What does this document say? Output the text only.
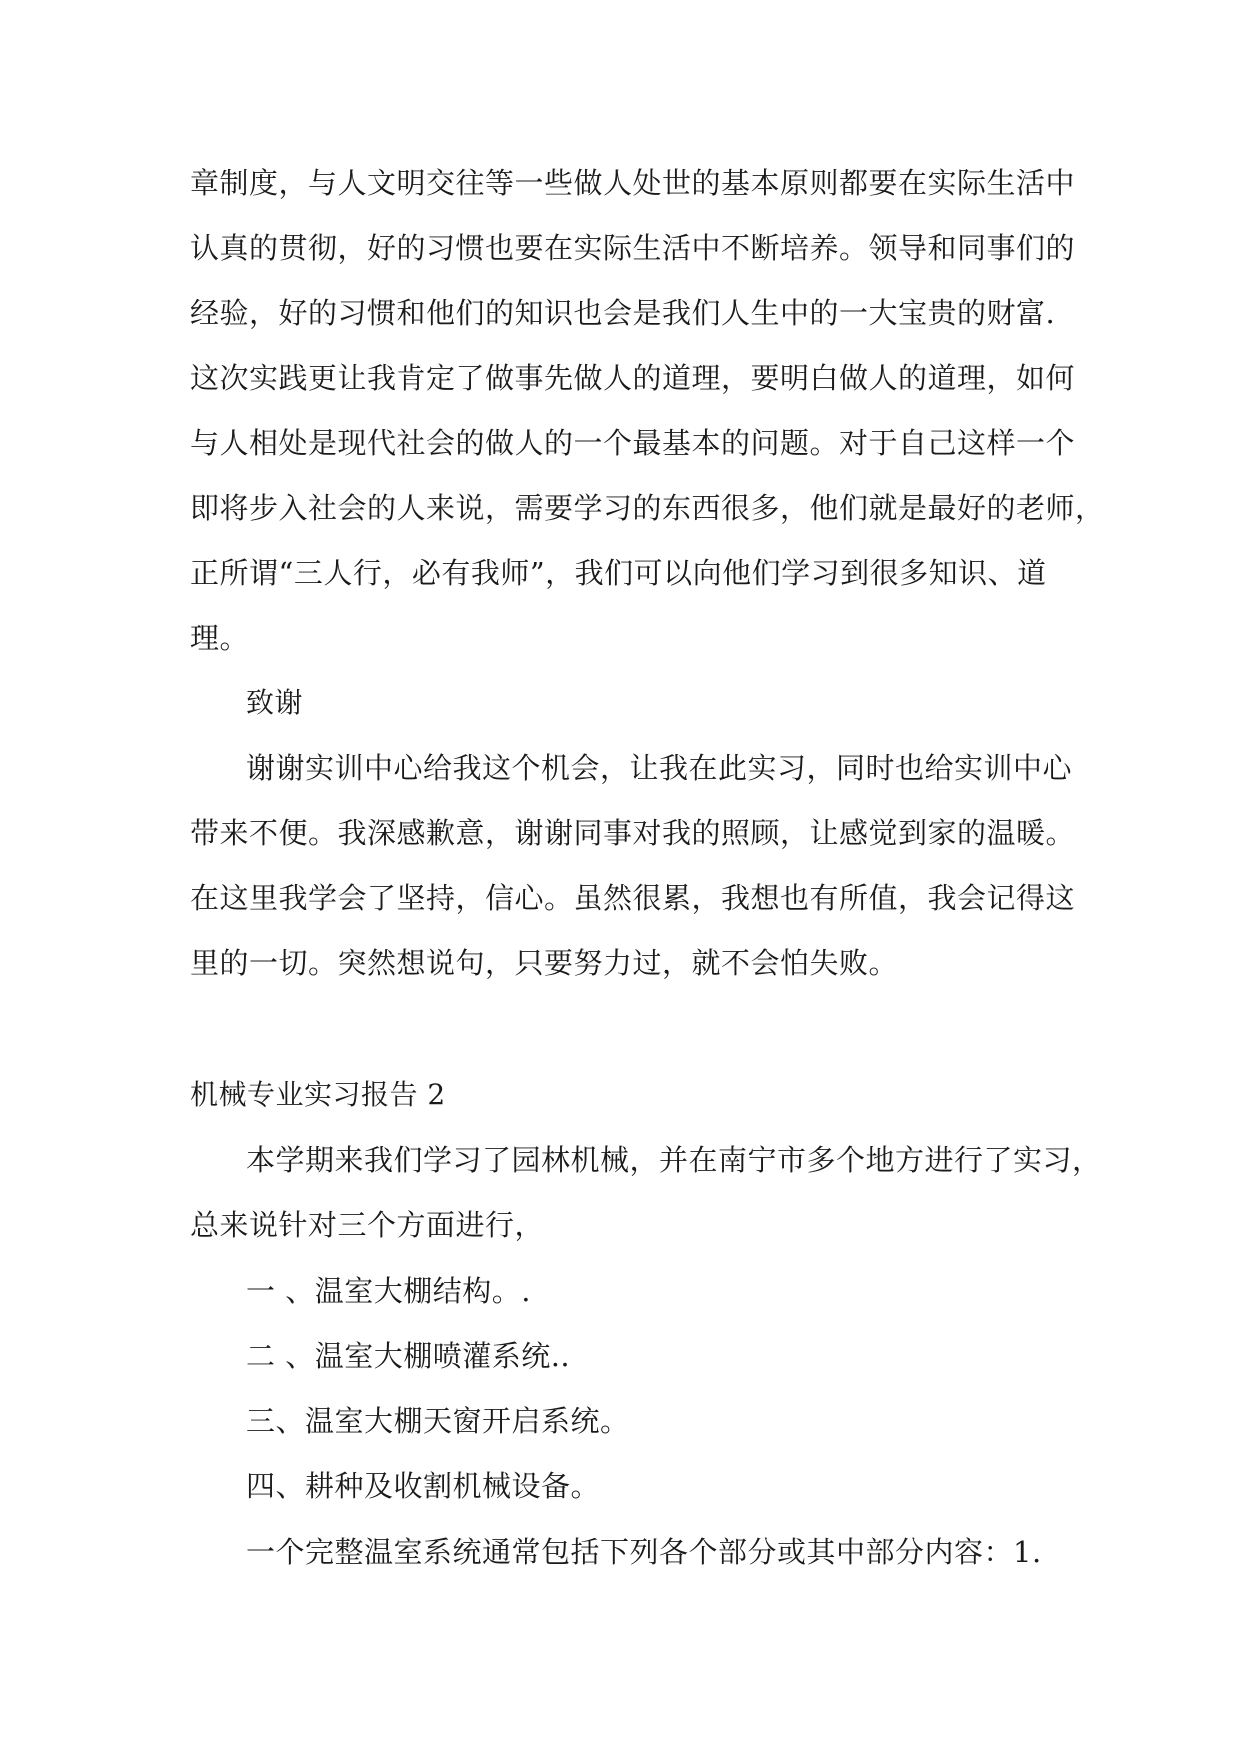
章制度，与人文明交往等一些做人处世的基本原则都要在实际生活中

认真的贯彻，好的习惯也要在实际生活中不断培养。领导和同事们的

经验，好的习惯和他们的知识也会是我们人生中的一大宝贵的财富.

这次实践更让我肯定了做事先做人的道理，要明白做人的道理，如何

与人相处是现代社会的做人的一个最基本的问题。对于自己这样一个

即将步入社会的人来说，需要学习的东西很多，他们就是最好的老师，

正所谓“三人行，必有我师”，我们可以向他们学习到很多知识、道

理。

致谢

谢谢实训中心给我这个机会，让我在此实习，同时也给实训中心

带来不便。我深感歉意，谢谢同事对我的照顾，让感觉到家的温暖。

在这里我学会了坚持，信心。虽然很累，我想也有所值，我会记得这

里的一切。突然想说句，只要努力过，就不会怕失败。

机械专业实习报告 2

本学期来我们学习了园林机械，并在南宁市多个地方进行了实习，

总来说针对三个方面进行，

一 、温室大棚结构。.

二 、温室大棚喷灌系统..

三、温室大棚天窗开启系统。

四、耕种及收割机械设备。

一个完整温室系统通常包括下列各个部分或其中部分内容：1.
